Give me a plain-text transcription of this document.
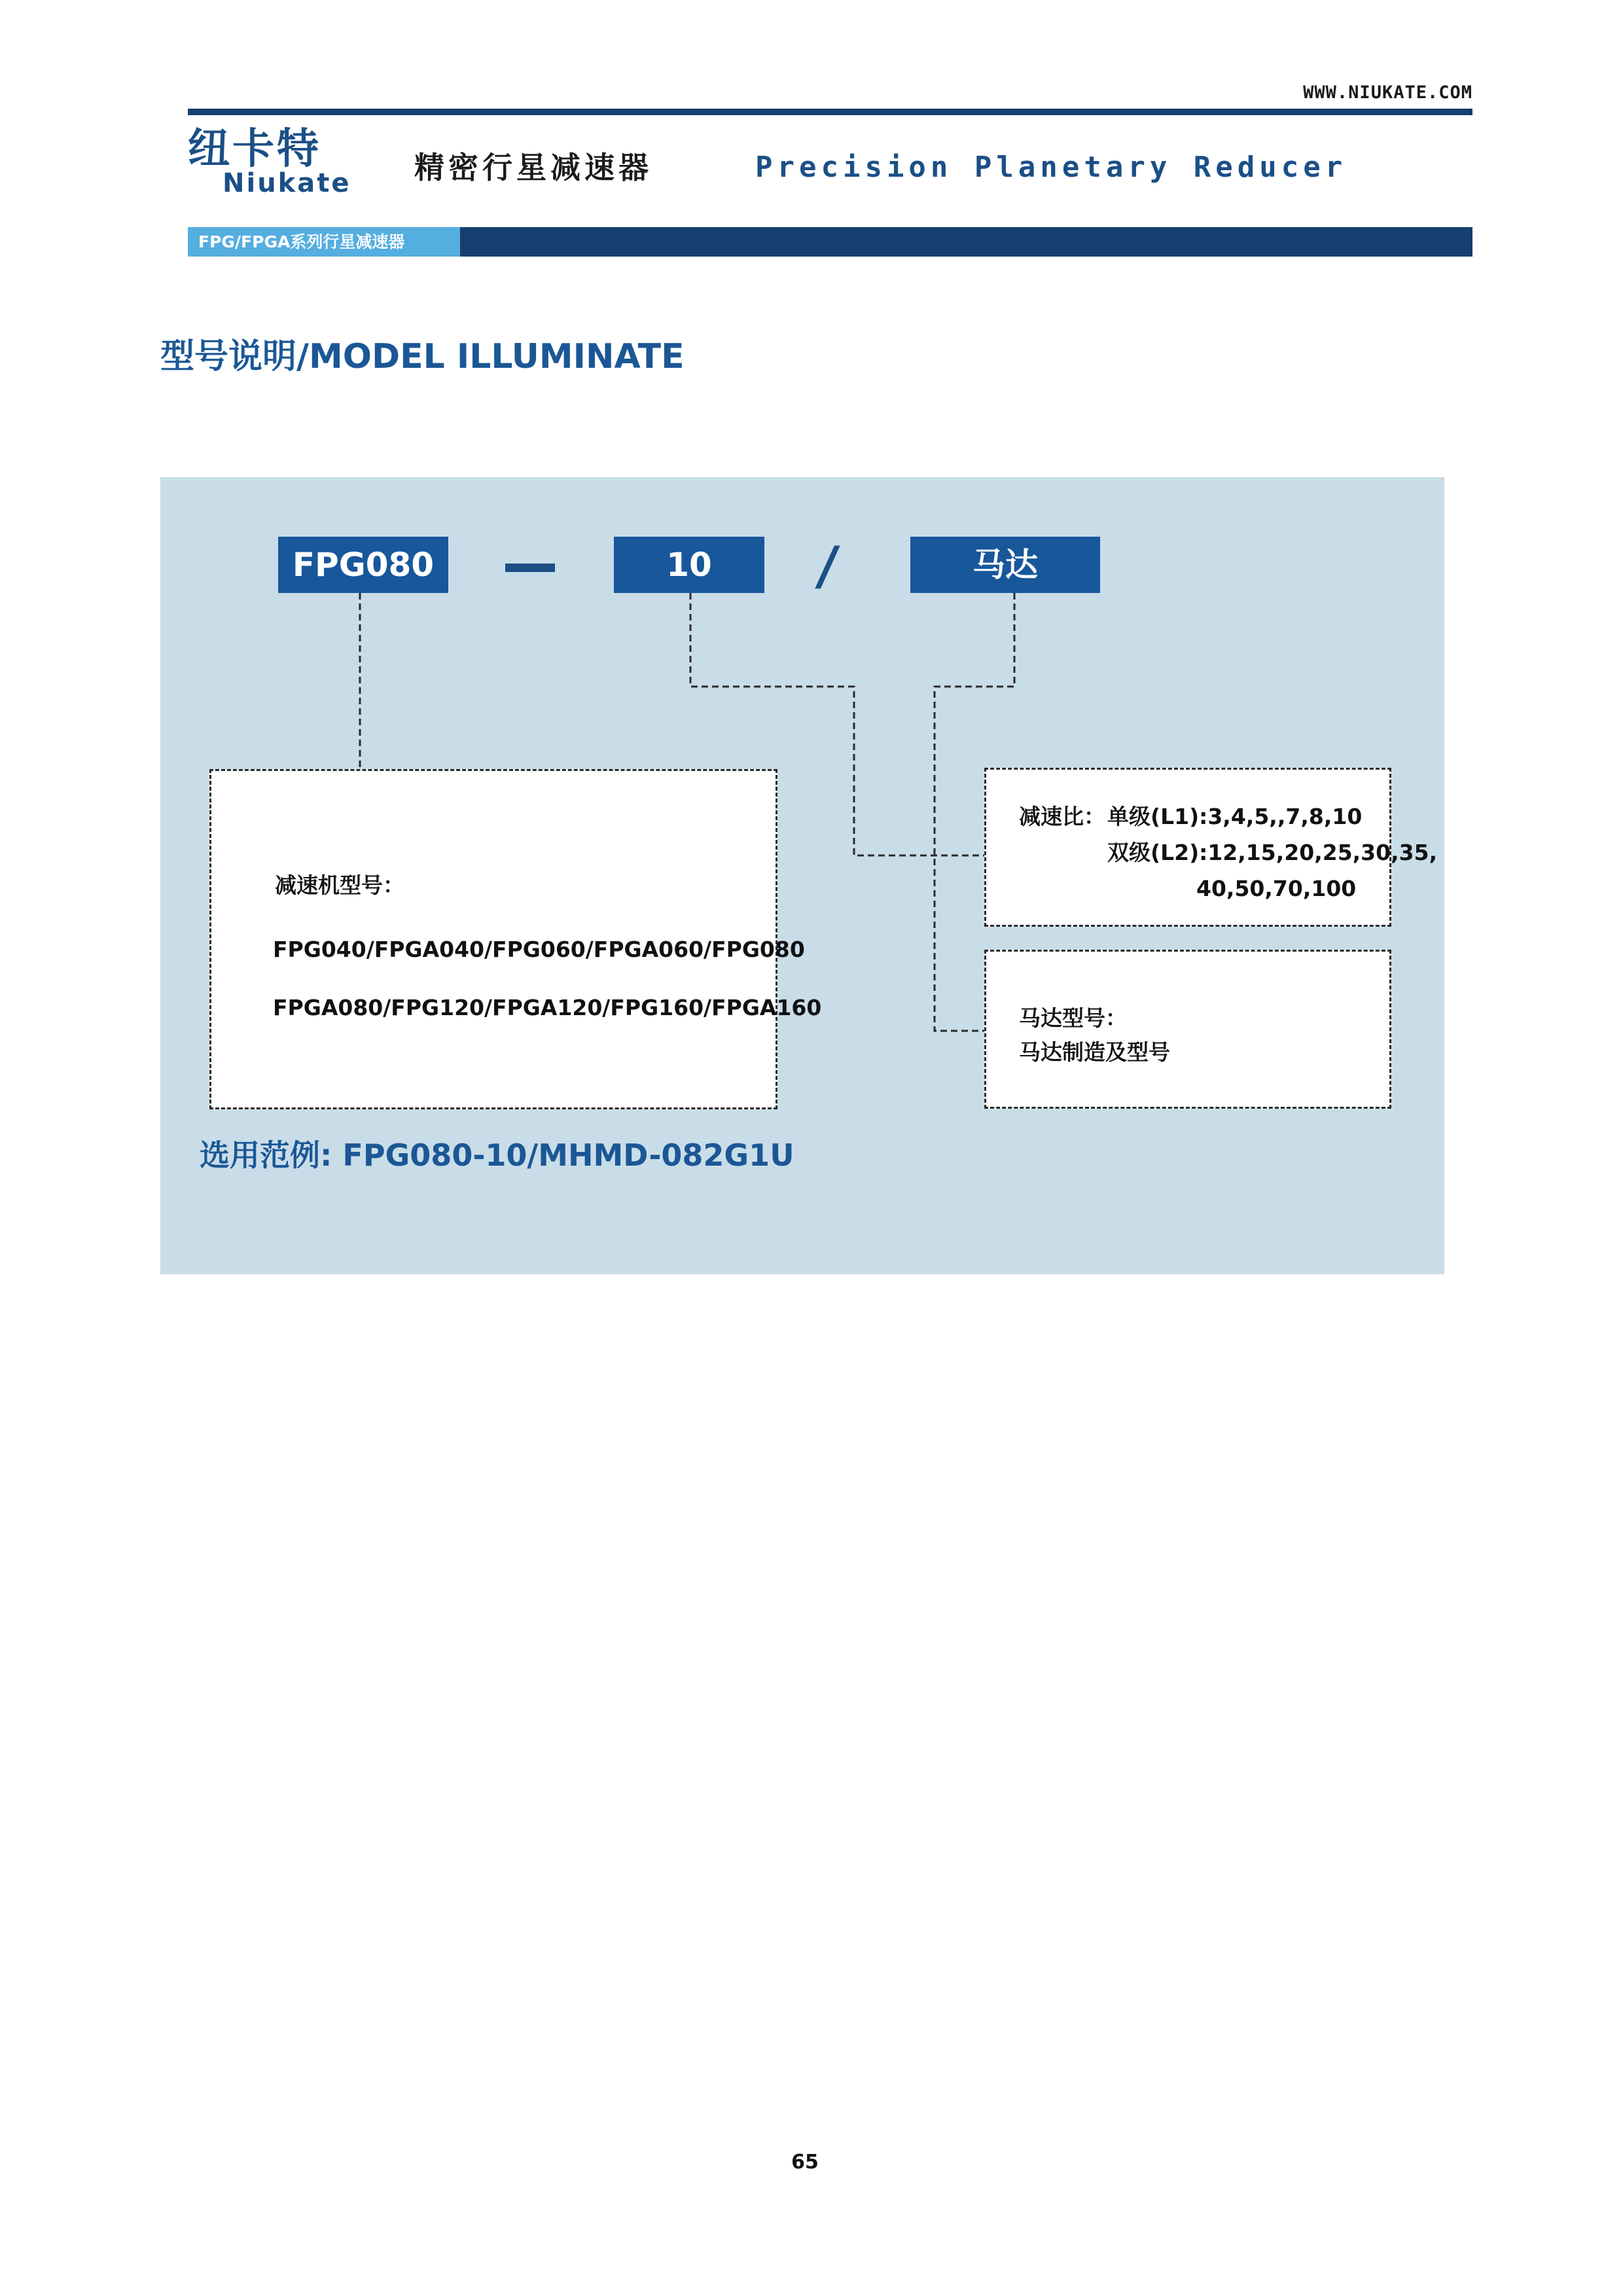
WWW.NIUKATE.COM
纽卡特
Niukate 精密行星减速器	Precision Planetary Reducer
FPG/FPGA系列行星减速器
型号说明/MODEL ILLUMINATE
FPG080	10	/	马达
减速机型号：
FPG040/FPGA040/FPG060/FPGA060/FPG080
FPGA080/FPG120/FPGA120/FPG160/FPGA160
减速比： 单级(L1):3,4,5,,7,8,10
双级(L2):12,15,20,25,30,35,
40,50,70,100
马达型号：
马达制造及型号
选用范例: FPG080-10/MHMD-082G1U
65
